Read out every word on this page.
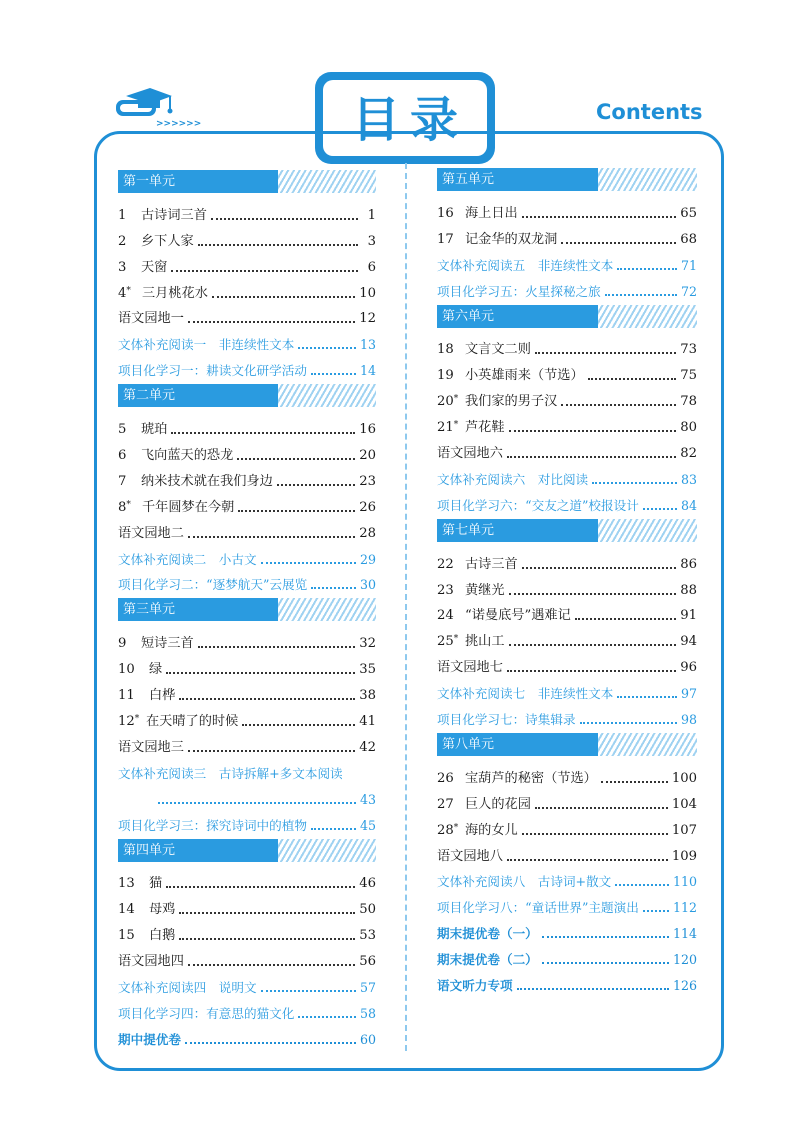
>>>>>>	目录	Contents
第一单元
1	古诗词三首	1
2	乡下人家	3
3	天窗	6
4* 三月桃花水	10
语文园地一	12
文体补充阅读一　非连续性文本	13
项目化学习一：耕读文化研学活动	14
第二单元
5	琥珀	16
6	飞向蓝天的恐龙	20
7	纳米技术就在我们身边	23
8* 千年圆梦在今朝	26
语文园地二	28
文体补充阅读二　小古文	29
项目化学习二：“逐梦航天”云展览	30
第三单元
9	短诗三首	32
10	绿	35
11	白桦	38
12* 在天晴了的时候	41
语文园地三	42
文体补充阅读三　古诗拆解+多文本阅读
43
项目化学习三：探究诗词中的植物	45
第四单元
13	猫	46
14	母鸡	50
15	白鹅	53
语文园地四	56
文体补充阅读四　说明文	57
项目化学习四：有意思的猫文化	58
期中提优卷	60
第五单元
16 海上日出	65
17 记金华的双龙洞	68
文体补充阅读五　非连续性文本	71
项目化学习五：火星探秘之旅	72
第六单元
18 文言文二则	73
19 小英雄雨来（节选）	75
20* 我们家的男子汉	78
21* 芦花鞋	80
语文园地六	82
文体补充阅读六　对比阅读	83
项目化学习六：“交友之道”校报设计	84
第七单元
22 古诗三首	86
23 黄继光	88
24 “诺曼底号”遇难记	91
25* 挑山工	94
语文园地七	96
文体补充阅读七　非连续性文本	97
项目化学习七：诗集辑录	98
第八单元
26 宝葫芦的秘密（节选）	100
27 巨人的花园	104
28* 海的女儿	107
语文园地八	109
文体补充阅读八　古诗词+散文	110
项目化学习八：“童话世界”主题演出	112
期末提优卷（一）	114
期末提优卷（二）	120
语文听力专项	126
